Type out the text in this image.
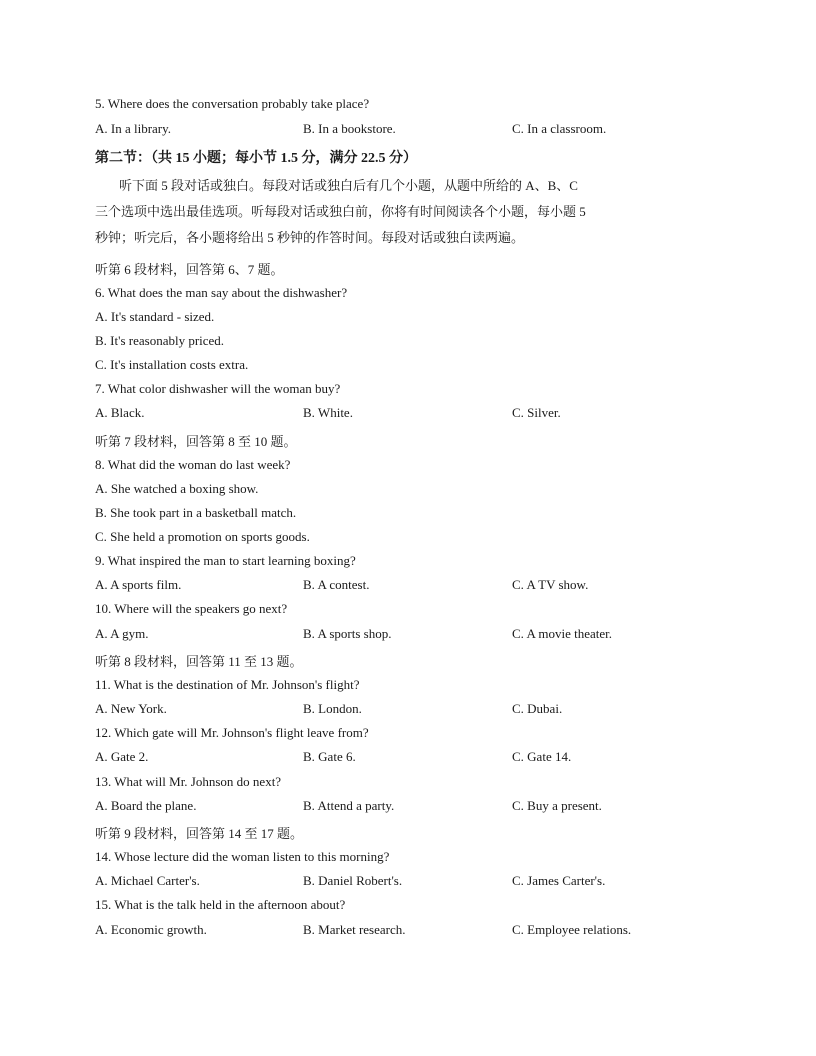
5. Where does the conversation probably take place?
A. In a library.	B. In a bookstore.	C. In a classroom.
第二节：（共 15 小题；每小节 1.5 分，满分 22.5 分）
听下面 5 段对话或独白。每段对话或独白后有几个小题，从题中所给的 A、B、C
三个选项中选出最佳选项。听每段对话或独白前，你将有时间阅读各个小题，每小题 5
秒钟；听完后，各小题将给出 5 秒钟的作答时间。每段对话或独白读两遍。
听第 6 段材料，回答第 6、7 题。
6. What does the man say about the dishwasher?
A. It's standard - sized.
B. It's reasonably priced.
C. It's installation costs extra.
7. What color dishwasher will the woman buy?
A. Black.	B. White.	C. Silver.
听第 7 段材料，回答第 8 至 10 题。
8. What did the woman do last week?
A. She watched a boxing show.
B. She took part in a basketball match.
C. She held a promotion on sports goods.
9. What inspired the man to start learning boxing?
A. A sports film.	B. A contest.	C. A TV show.
10. Where will the speakers go next?
A. A gym.	B. A sports shop.	C. A movie theater.
听第 8 段材料，回答第 11 至 13 题。
11. What is the destination of Mr. Johnson's flight?
A. New York.	B. London.	C. Dubai.
12. Which gate will Mr. Johnson's flight leave from?
A. Gate 2.	B. Gate 6.	C. Gate 14.
13. What will Mr. Johnson do next?
A. Board the plane.	B. Attend a party.	C. Buy a present.
听第 9 段材料，回答第 14 至 17 题。
14. Whose lecture did the woman listen to this morning?
A. Michael Carter's.	B. Daniel Robert's.	C. James Carter's.
15. What is the talk held in the afternoon about?
A. Economic growth.	B. Market research.	C. Employee relations.
